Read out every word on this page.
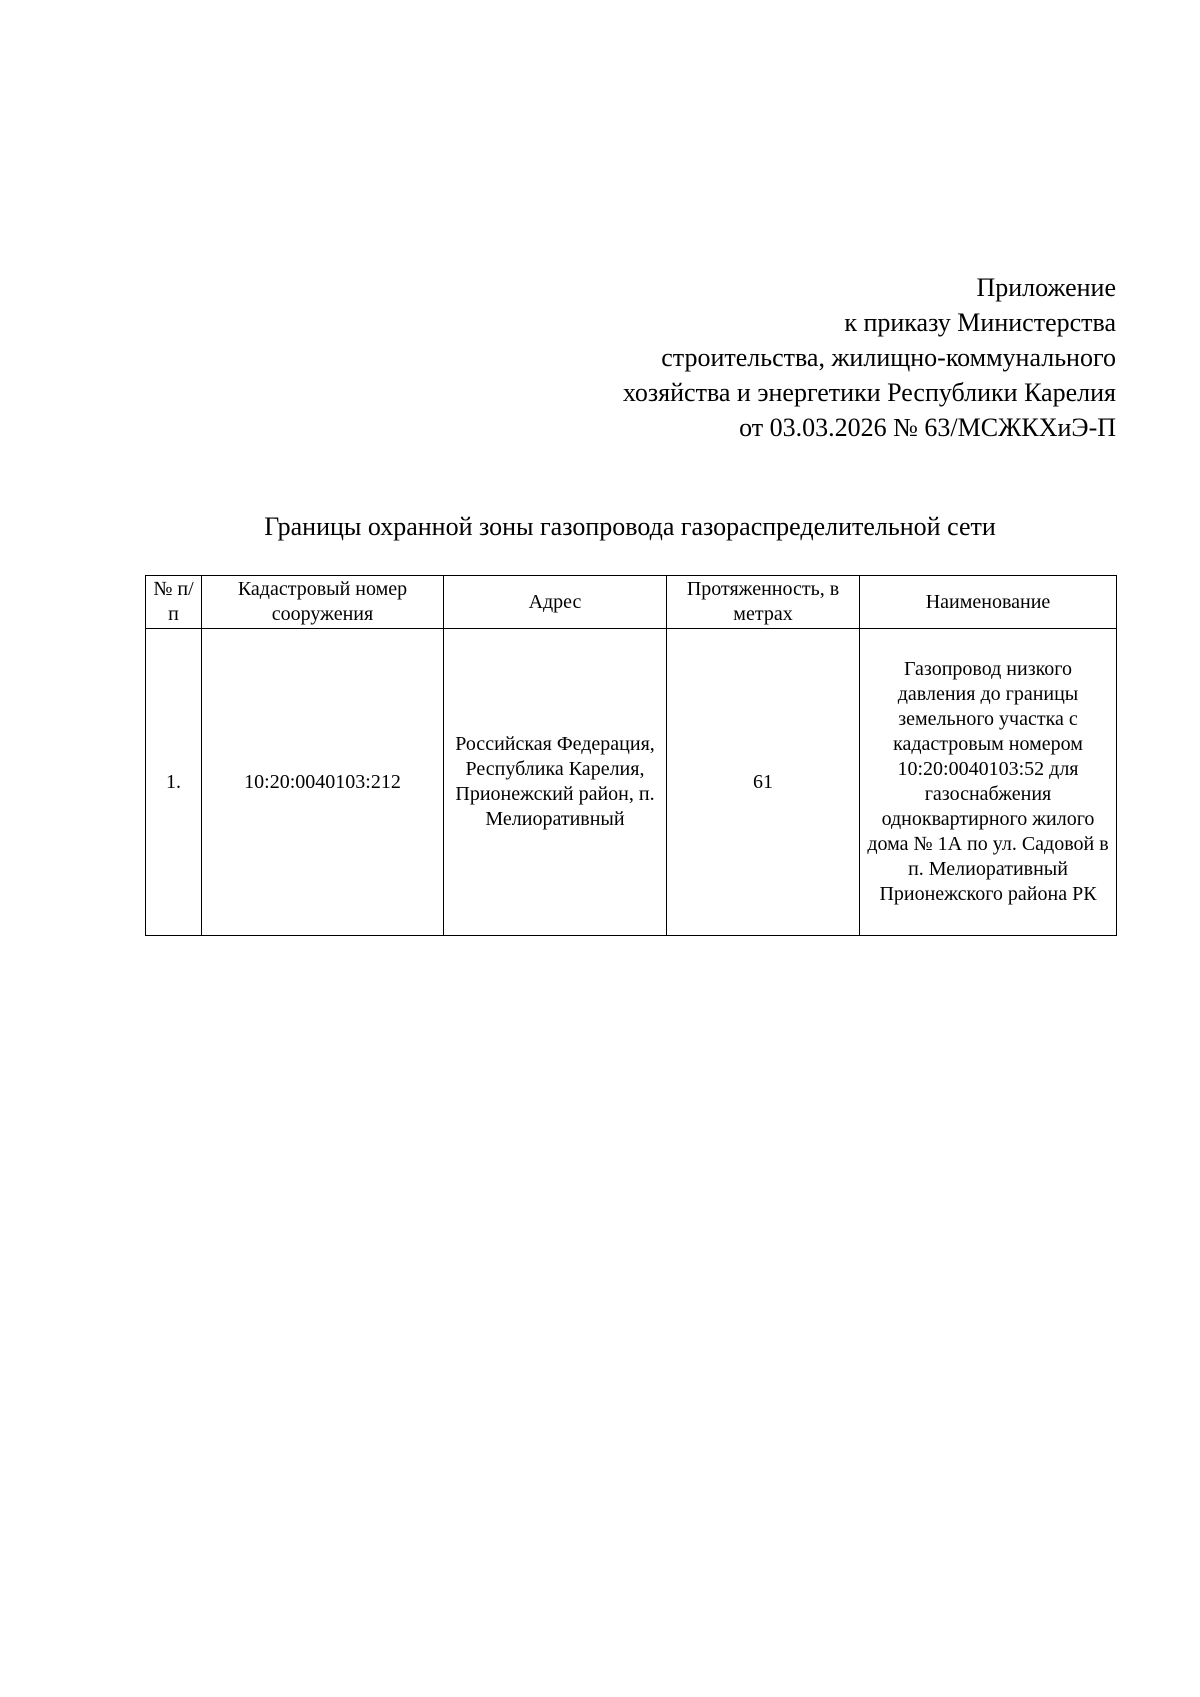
Приложение
к приказу Министерства
строительства, жилищно-коммунального
хозяйства и энергетики Республики Карелия
от 03.03.2026 № 63/МСЖКХиЭ-П
Границы охранной зоны газопровода газораспределительной сети
№ п/п	Кадастровый номер сооружения	Адрес	Протяженность, в метрах	Наименование

1.	10:20:0040103:212	Российская Федерация, Республика Карелия, Прионежский район, п. Мелиоративный	61	Газопровод низкого давления до границы земельного участка с кадастровым номером 10:20:0040103:52 для газоснабжения одноквартирного жилого дома № 1А по ул. Садовой в п. Мелиоративный Прионежского района РК
